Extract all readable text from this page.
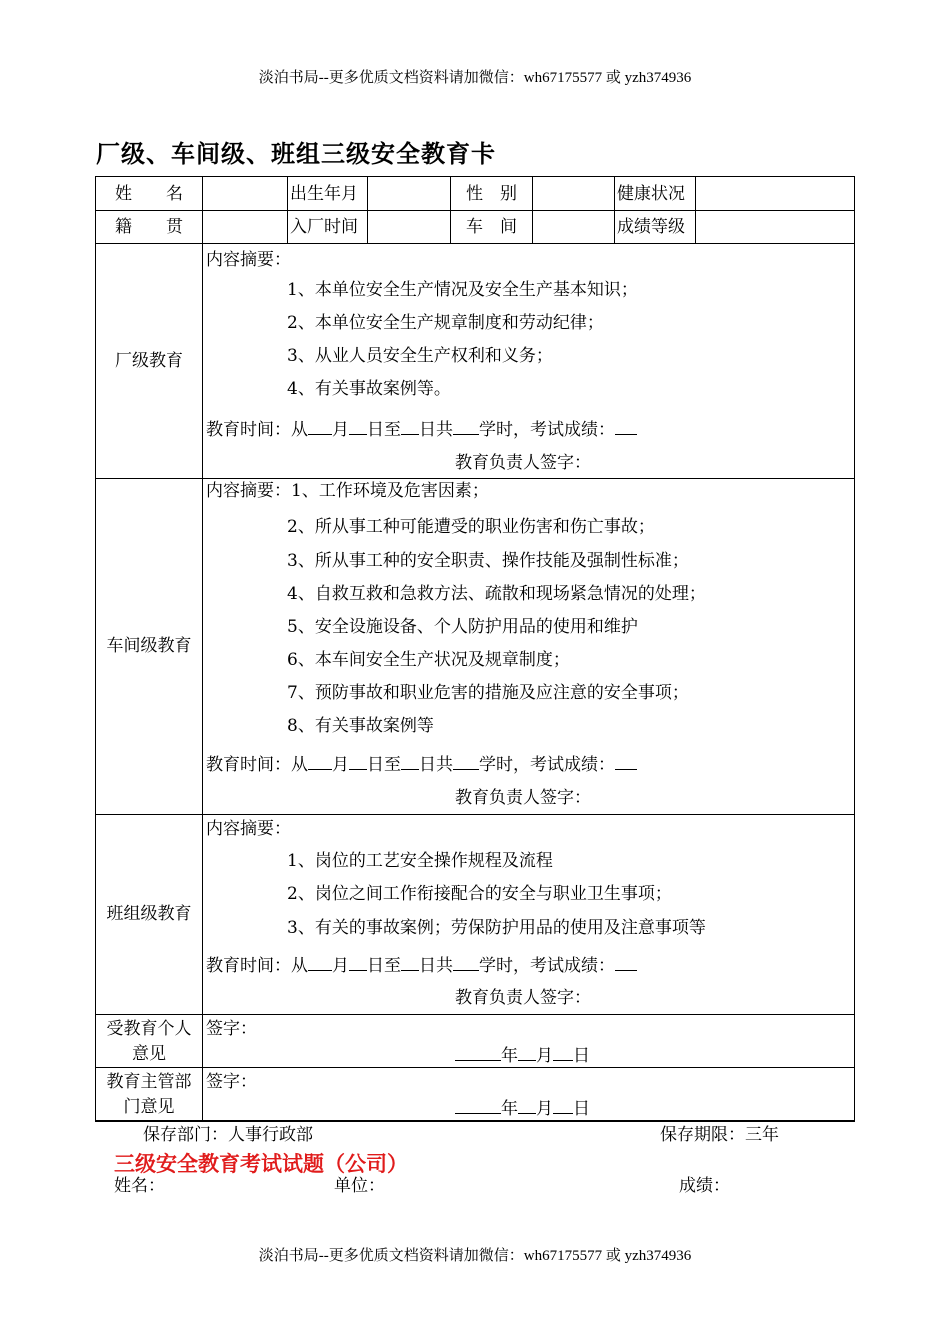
淡泊书局--更多优质文档资料请加微信：wh67175577 或 yzh374936
厂级、车间级、班组三级安全教育卡
姓　　名	出生年月	性　别	健康状况
籍　　贯	入厂时间	车　间	成绩等级
厂级教育
内容摘要：
1、本单位安全生产情况及安全生产基本知识；
2、本单位安全生产规章制度和劳动纪律；
3、从业人员安全生产权利和义务；
4、有关事故案例等。
教育时间：从 月 日至 日共 学时，考试成绩：
教育负责人签字：
车间级教育
内容摘要：1、工作环境及危害因素；
2、所从事工种可能遭受的职业伤害和伤亡事故；
3、所从事工种的安全职责、操作技能及强制性标准；
4、自救互救和急救方法、疏散和现场紧急情况的处理；
5、安全设施设备、个人防护用品的使用和维护
6、本车间安全生产状况及规章制度；
7、预防事故和职业危害的措施及应注意的安全事项；
8、有关事故案例等
教育时间：从 月 日至 日共 学时，考试成绩：
教育负责人签字：
班组级教育
内容摘要：
1、岗位的工艺安全操作规程及流程
2、岗位之间工作衔接配合的安全与职业卫生事项；
3、有关的事故案例；劳保防护用品的使用及注意事项等
教育时间：从 月 日至 日共 学时，考试成绩：
教育负责人签字：
受教育个人
意见
签字：
年 月 日
教育主管部
门意见
签字：
年 月 日
保存部门：人事行政部	保存期限：三年
三级安全教育考试试题（公司）
姓名：	单位：	成绩：
淡泊书局--更多优质文档资料请加微信：wh67175577 或 yzh374936
